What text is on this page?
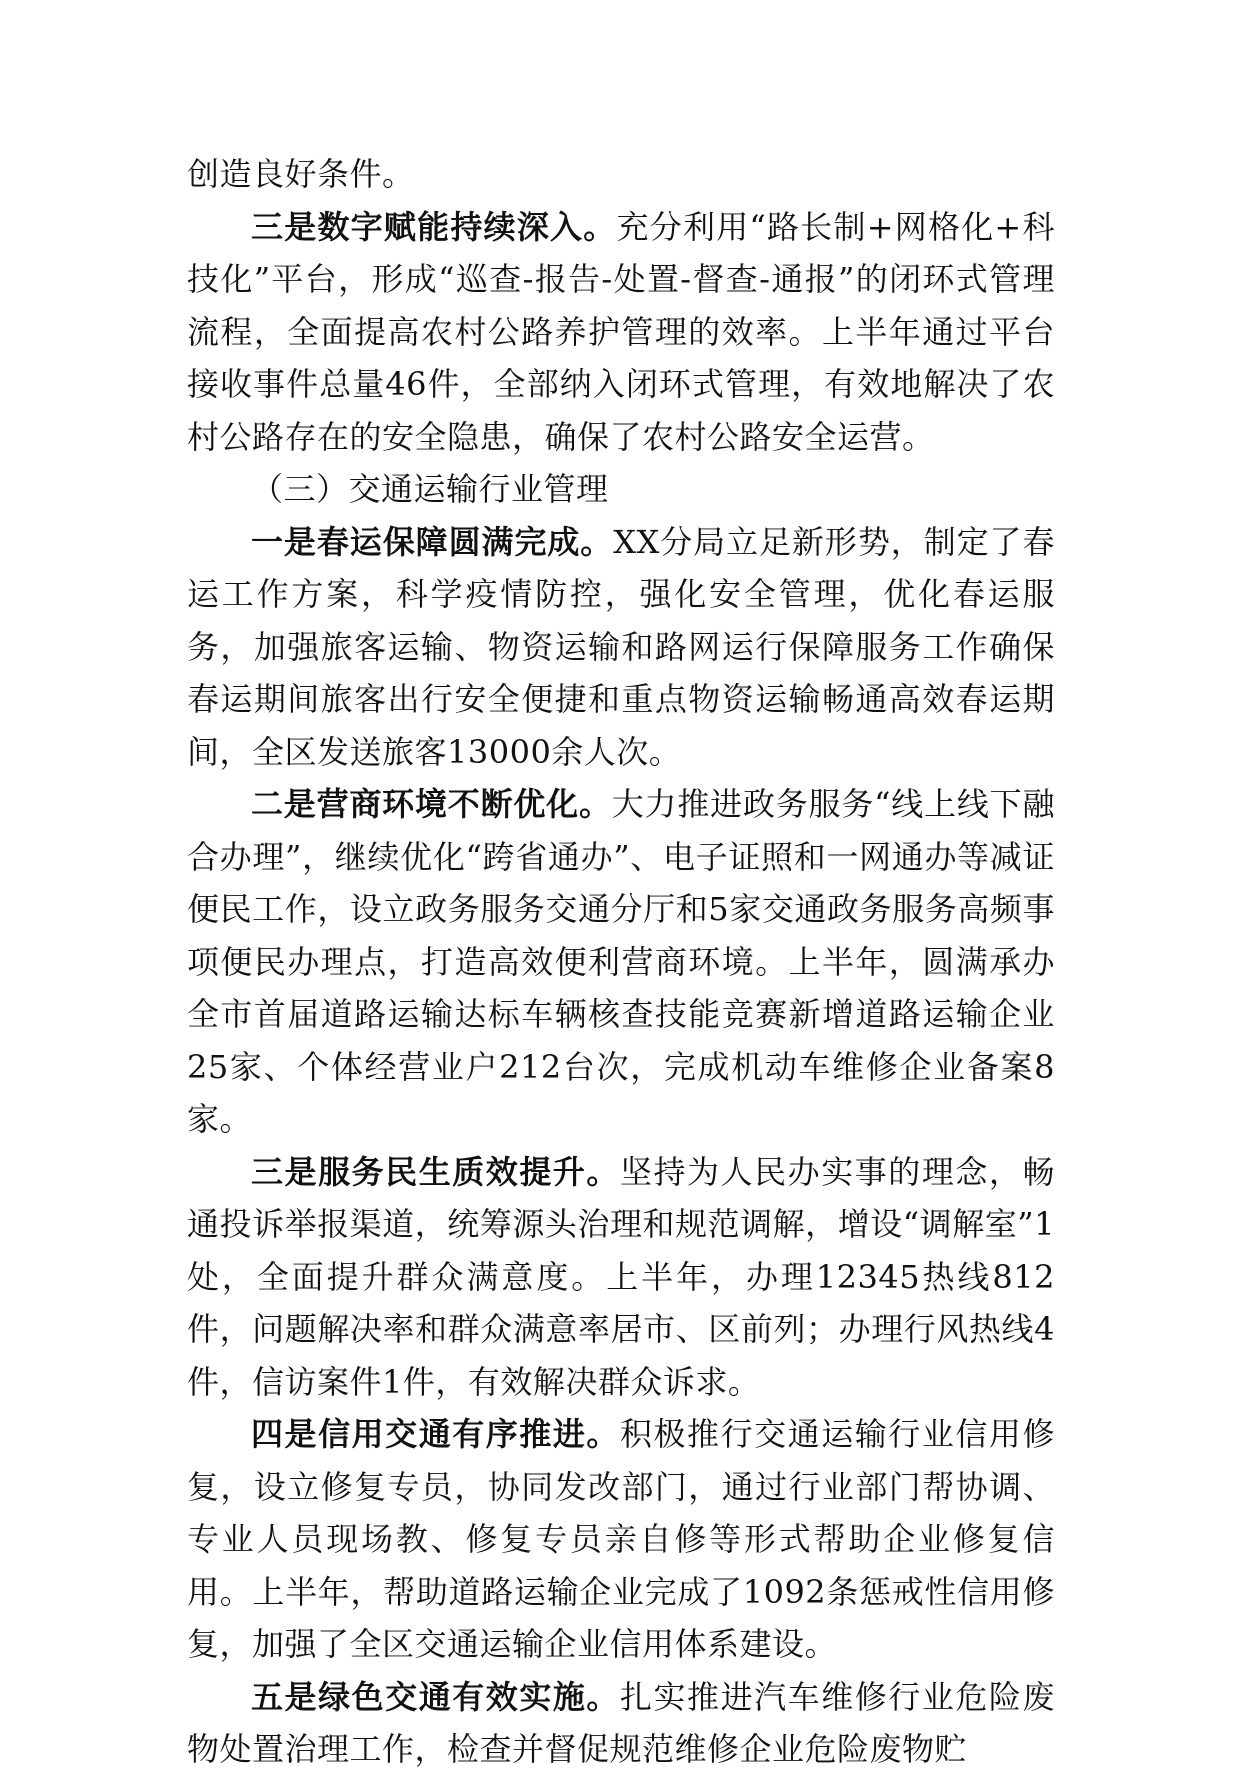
创造良好条件。

三是数字赋能持续深入。充分利用“路长制+网格化+科技化”平台，形成“巡查-报告-处置-督查-通报”的闭环式管理流程，全面提高农村公路养护管理的效率。上半年通过平台接收事件总量46件，全部纳入闭环式管理，有效地解决了农村公路存在的安全隐患，确保了农村公路安全运营。

（三）交通运输行业管理

一是春运保障圆满完成。XX分局立足新形势，制定了春运工作方案，科学疫情防控，强化安全管理，优化春运服务，加强旅客运输、物资运输和路网运行保障服务工作确保春运期间旅客出行安全便捷和重点物资运输畅通高效春运期间，全区发送旅客13000余人次。

二是营商环境不断优化。大力推进政务服务“线上线下融合办理”，继续优化“跨省通办”、电子证照和一网通办等减证便民工作，设立政务服务交通分厅和5家交通政务服务高频事项便民办理点，打造高效便利营商环境。上半年，圆满承办全市首届道路运输达标车辆核查技能竞赛新增道路运输企业25家、个体经营业户212台次，完成机动车维修企业备案8家。

三是服务民生质效提升。坚持为人民办实事的理念，畅通投诉举报渠道，统筹源头治理和规范调解，增设“调解室”1处，全面提升群众满意度。上半年，办理12345热线812件，问题解决率和群众满意率居市、区前列；办理行风热线4件，信访案件1件，有效解决群众诉求。

四是信用交通有序推进。积极推行交通运输行业信用修复，设立修复专员，协同发改部门，通过行业部门帮协调、专业人员现场教、修复专员亲自修等形式帮助企业修复信用。上半年，帮助道路运输企业完成了1092条惩戒性信用修复，加强了全区交通运输企业信用体系建设。

五是绿色交通有效实施。扎实推进汽车维修行业危险废物处置治理工作，检查并督促规范维修企业危险废物贮
